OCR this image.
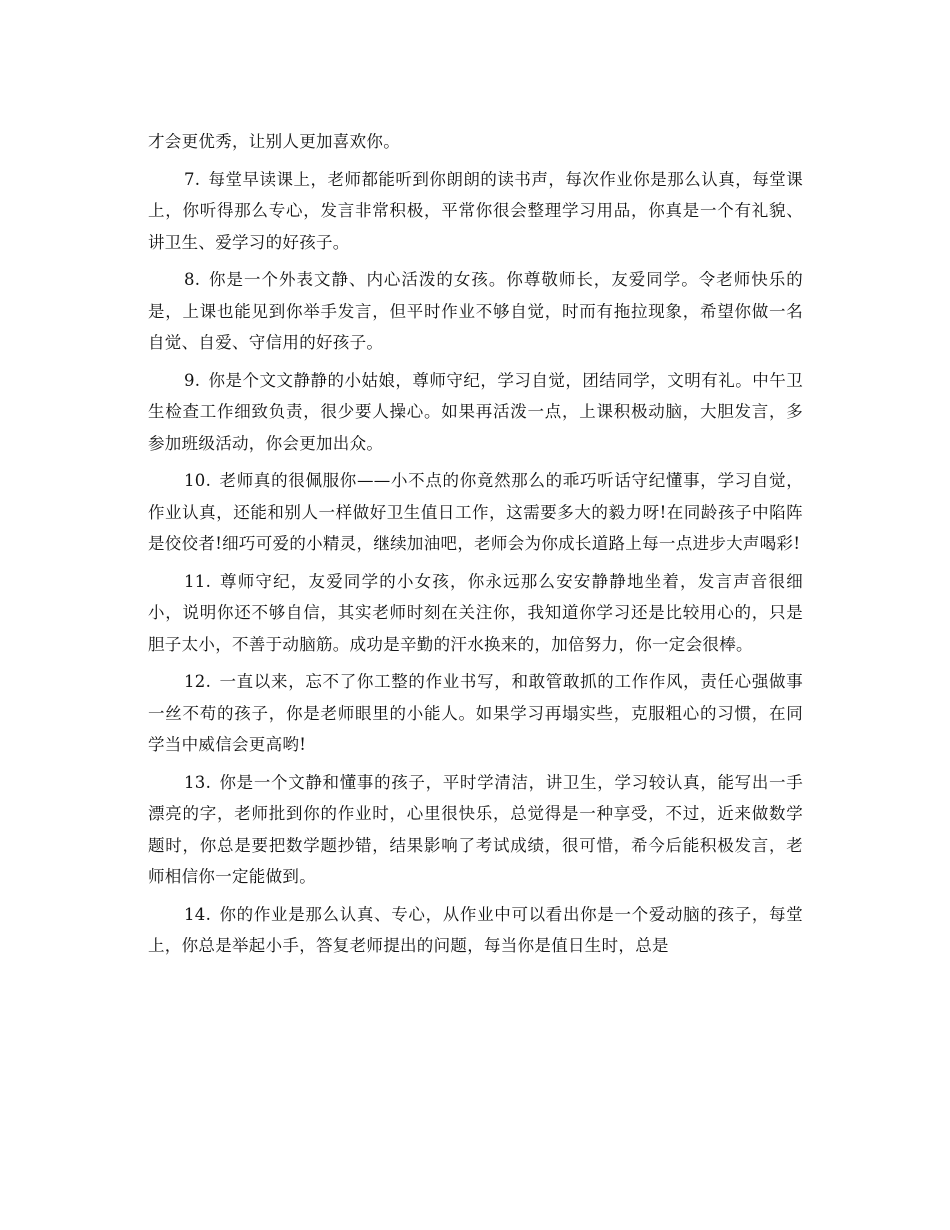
才会更优秀，让别人更加喜欢你。

7. 每堂早读课上，老师都能听到你朗朗的读书声，每次作业你是那么认真，每堂课上，你听得那么专心，发言非常积极，平常你很会整理学习用品，你真是一个有礼貌、讲卫生、爱学习的好孩子。

8. 你是一个外表文静、内心活泼的女孩。你尊敬师长，友爱同学。令老师快乐的是，上课也能见到你举手发言，但平时作业不够自觉，时而有拖拉现象，希望你做一名自觉、自爱、守信用的好孩子。

9. 你是个文文静静的小姑娘，尊师守纪，学习自觉，团结同学，文明有礼。中午卫生检查工作细致负责，很少要人操心。如果再活泼一点，上课积极动脑，大胆发言，多参加班级活动，你会更加出众。

10. 老师真的很佩服你——小不点的你竟然那么的乖巧听话守纪懂事，学习自觉，作业认真，还能和别人一样做好卫生值日工作，这需要多大的毅力呀!在同龄孩子中陷阵是佼佼者!细巧可爱的小精灵，继续加油吧，老师会为你成长道路上每一点进步大声喝彩!

11. 尊师守纪，友爱同学的小女孩，你永远那么安安静静地坐着，发言声音很细小，说明你还不够自信，其实老师时刻在关注你，我知道你学习还是比较用心的，只是胆子太小，不善于动脑筋。成功是辛勤的汗水换来的，加倍努力，你一定会很棒。

12. 一直以来，忘不了你工整的作业书写，和敢管敢抓的工作作风，责任心强做事一丝不苟的孩子，你是老师眼里的小能人。如果学习再塌实些，克服粗心的习惯，在同学当中威信会更高哟!

13. 你是一个文静和懂事的孩子，平时学清洁，讲卫生，学习较认真，能写出一手漂亮的字，老师批到你的作业时，心里很快乐，总觉得是一种享受，不过，近来做数学题时，你总是要把数学题抄错，结果影响了考试成绩，很可惜，希今后能积极发言，老师相信你一定能做到。

14. 你的作业是那么认真、专心，从作业中可以看出你是一个爱动脑的孩子，每堂上，你总是举起小手，答复老师提出的问题，每当你是值日生时，总是
